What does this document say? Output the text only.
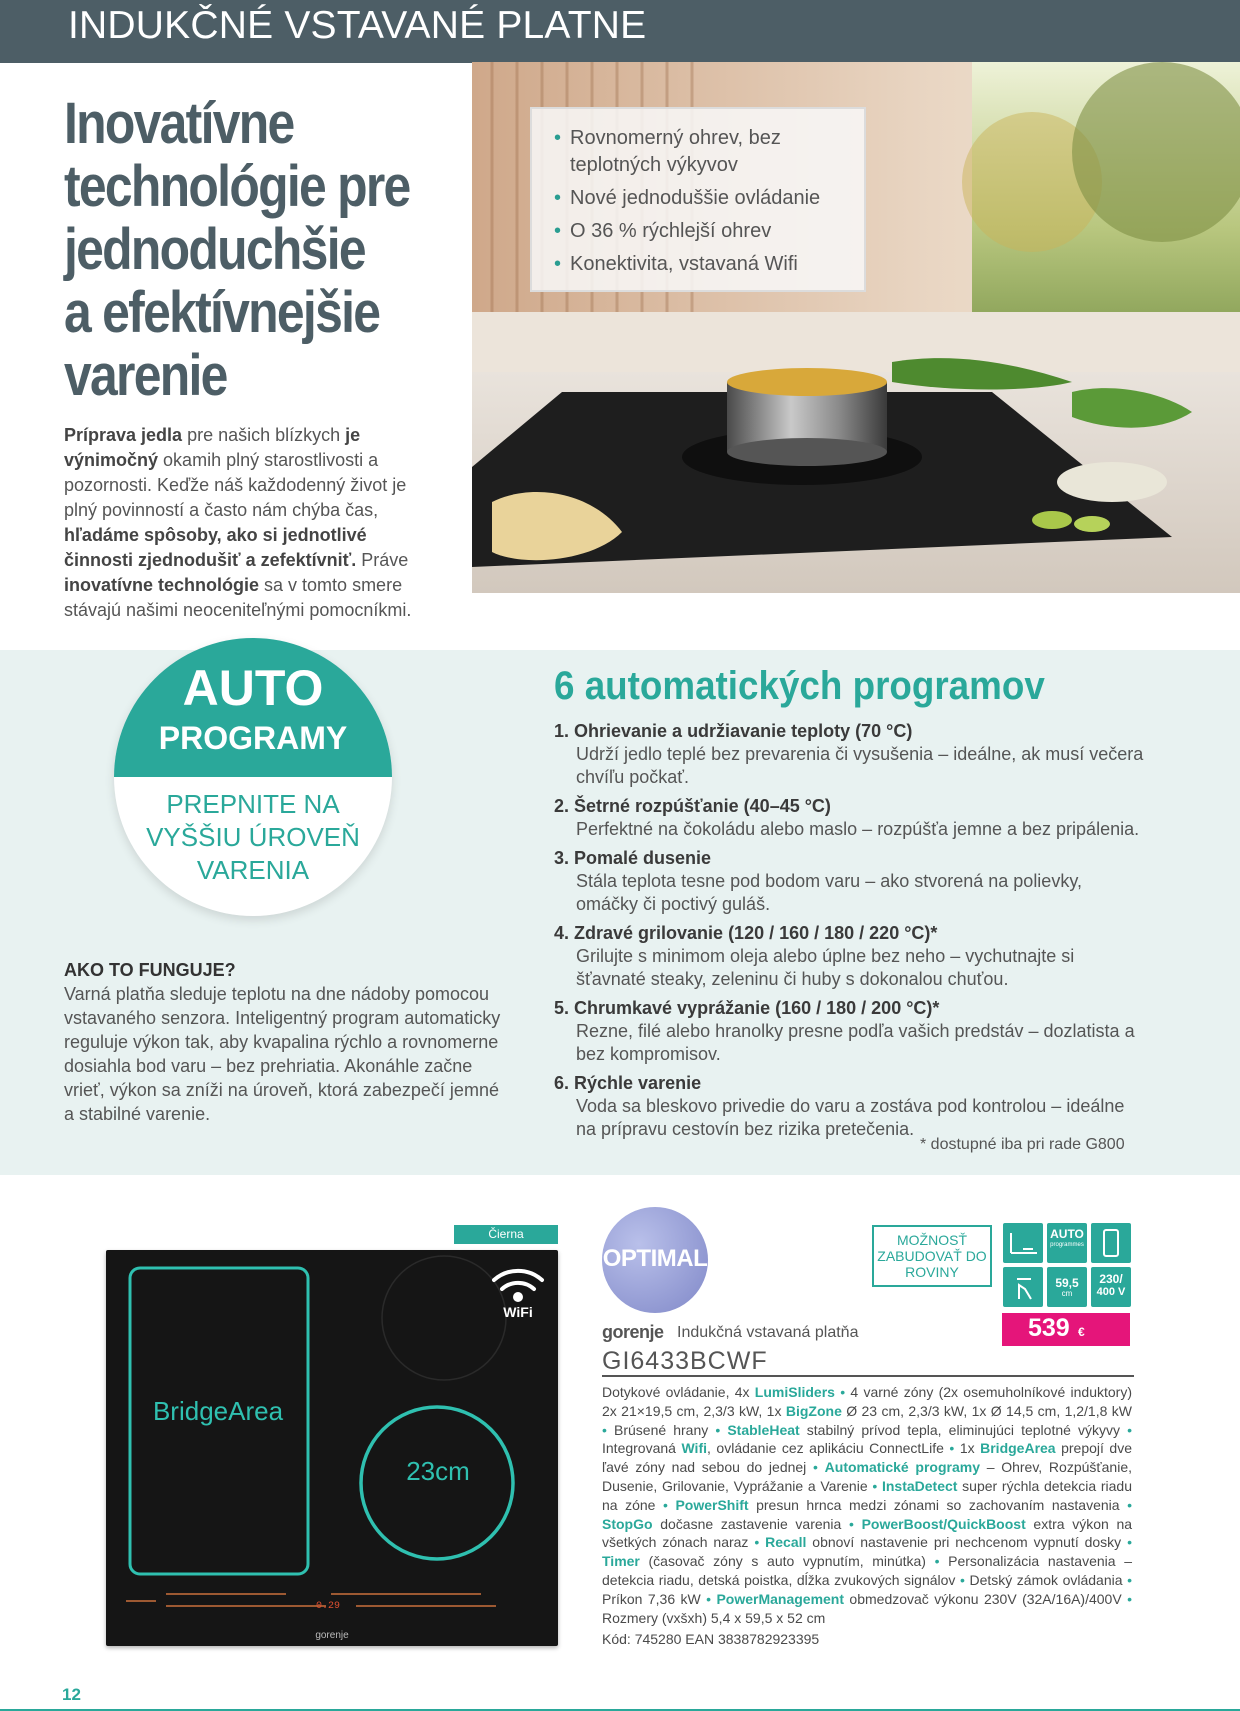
INDUKČNÉ VSTAVANÉ PLATNE
Inovatívne
technológie pre
jednoduchšie
a efektívnejšie
varenie
Príprava jedla pre našich blízkych je výnimočný okamih plný starostlivosti a pozornosti. Keďže náš každodenný život je plný povinností a často nám chýba čas, hľadáme spôsoby, ako si jednotlivé činnosti zjednodušiť a zefektívniť. Práve inovatívne technológie sa v tomto smere stávajú našimi neoceniteľnými pomocníkmi.
• Rovnomerný ohrev, bez teplotných výkyvov
• Nové jednoduššie ovládanie
• O 36 % rýchlejší ohrev
• Konektivita, vstavaná Wifi
AUTO
PROGRAMY
PREPNITE NA VYŠŠIU ÚROVEŇ VARENIA
AKO TO FUNGUJE?
Varná platňa sleduje teplotu na dne nádoby pomocou vstavaného senzora. Inteligentný program automaticky reguluje výkon tak, aby kvapalina rýchlo a rovnomerne dosiahla bod varu – bez prehriatia. Akonáhle začne vrieť, výkon sa zníži na úroveň, ktorá zabezpečí jemné a stabilné varenie.
6 automatických programov
1. Ohrievanie a udržiavanie teploty (70 °C)
Udrží jedlo teplé bez prevarenia či vysušenia – ideálne, ak musí večera chvíľu počkať.
2. Šetrné rozpúšťanie (40–45 °C)
Perfektné na čokoládu alebo maslo – rozpúšťa jemne a bez pripálenia.
3. Pomalé dusenie
Stála teplota tesne pod bodom varu – ako stvorená na polievky, omáčky či poctivý guláš.
4. Zdravé grilovanie (120 / 160 / 180 / 220 °C)*
Grilujte s minimom oleja alebo úplne bez neho – vychutnajte si šťavnaté steaky, zeleninu či huby s dokonalou chuťou.
5. Chrumkavé vyprážanie (160 / 180 / 200 °C)*
Rezne, filé alebo hranolky presne podľa vašich predstáv – dozlatista a bez kompromisov.
6. Rýchle varenie
Voda sa bleskovo privedie do varu a zostáva pod kontrolou – ideálne na prípravu cestovín bez rizika pretečenia.
* dostupné iba pri rade G800
Čierna
BridgeArea
23cm
WiFi
0.29
gorenje
OPTIMAL
MOŽNOSŤ ZABUDOVAŤ DO ROVINY
AUTO
programmes
59,5
cm
230/
400 V
539 €
gorenje Indukčná vstavaná platňa
GI6433BCWF
Dotykové ovládanie, 4x LumiSliders • 4 varné zóny (2x osemuholníkové induktory) 2x 21×19,5 cm, 2,3/3 kW, 1x BigZone Ø 23 cm, 2,3/3 kW, 1x Ø 14,5 cm, 1,2/1,8 kW • Brúsené hrany • StableHeat stabilný prívod tepla, eliminujúci teplotné výkyvy • Integrovaná Wifi, ovládanie cez aplikáciu ConnectLife • 1x BridgeArea prepojí dve ľavé zóny nad sebou do jednej • Automatické programy – Ohrev, Rozpúšťanie, Dusenie, Grilovanie, Vyprážanie a Varenie • InstaDetect super rýchla detekcia riadu na zóne • PowerShift presun hrnca medzi zónami so zachovaním nastavenia • StopGo dočasne zastavenie varenia • PowerBoost/QuickBoost extra výkon na všetkých zónach naraz • Recall obnoví nastavenie pri nechcenom vypnutí dosky • Timer (časovač zóny s auto vypnutím, minútka) • Personalizácia nastavenia – detekcia riadu, detská poistka, dĺžka zvukových signálov • Detský zámok ovládania • Príkon 7,36 kW • PowerManagement obmedzovač výkonu 230V (32A/16A)/400V • Rozmery (vxšxh) 5,4 x 59,5 x 52 cm
Kód: 745280 EAN 3838782923395
12
